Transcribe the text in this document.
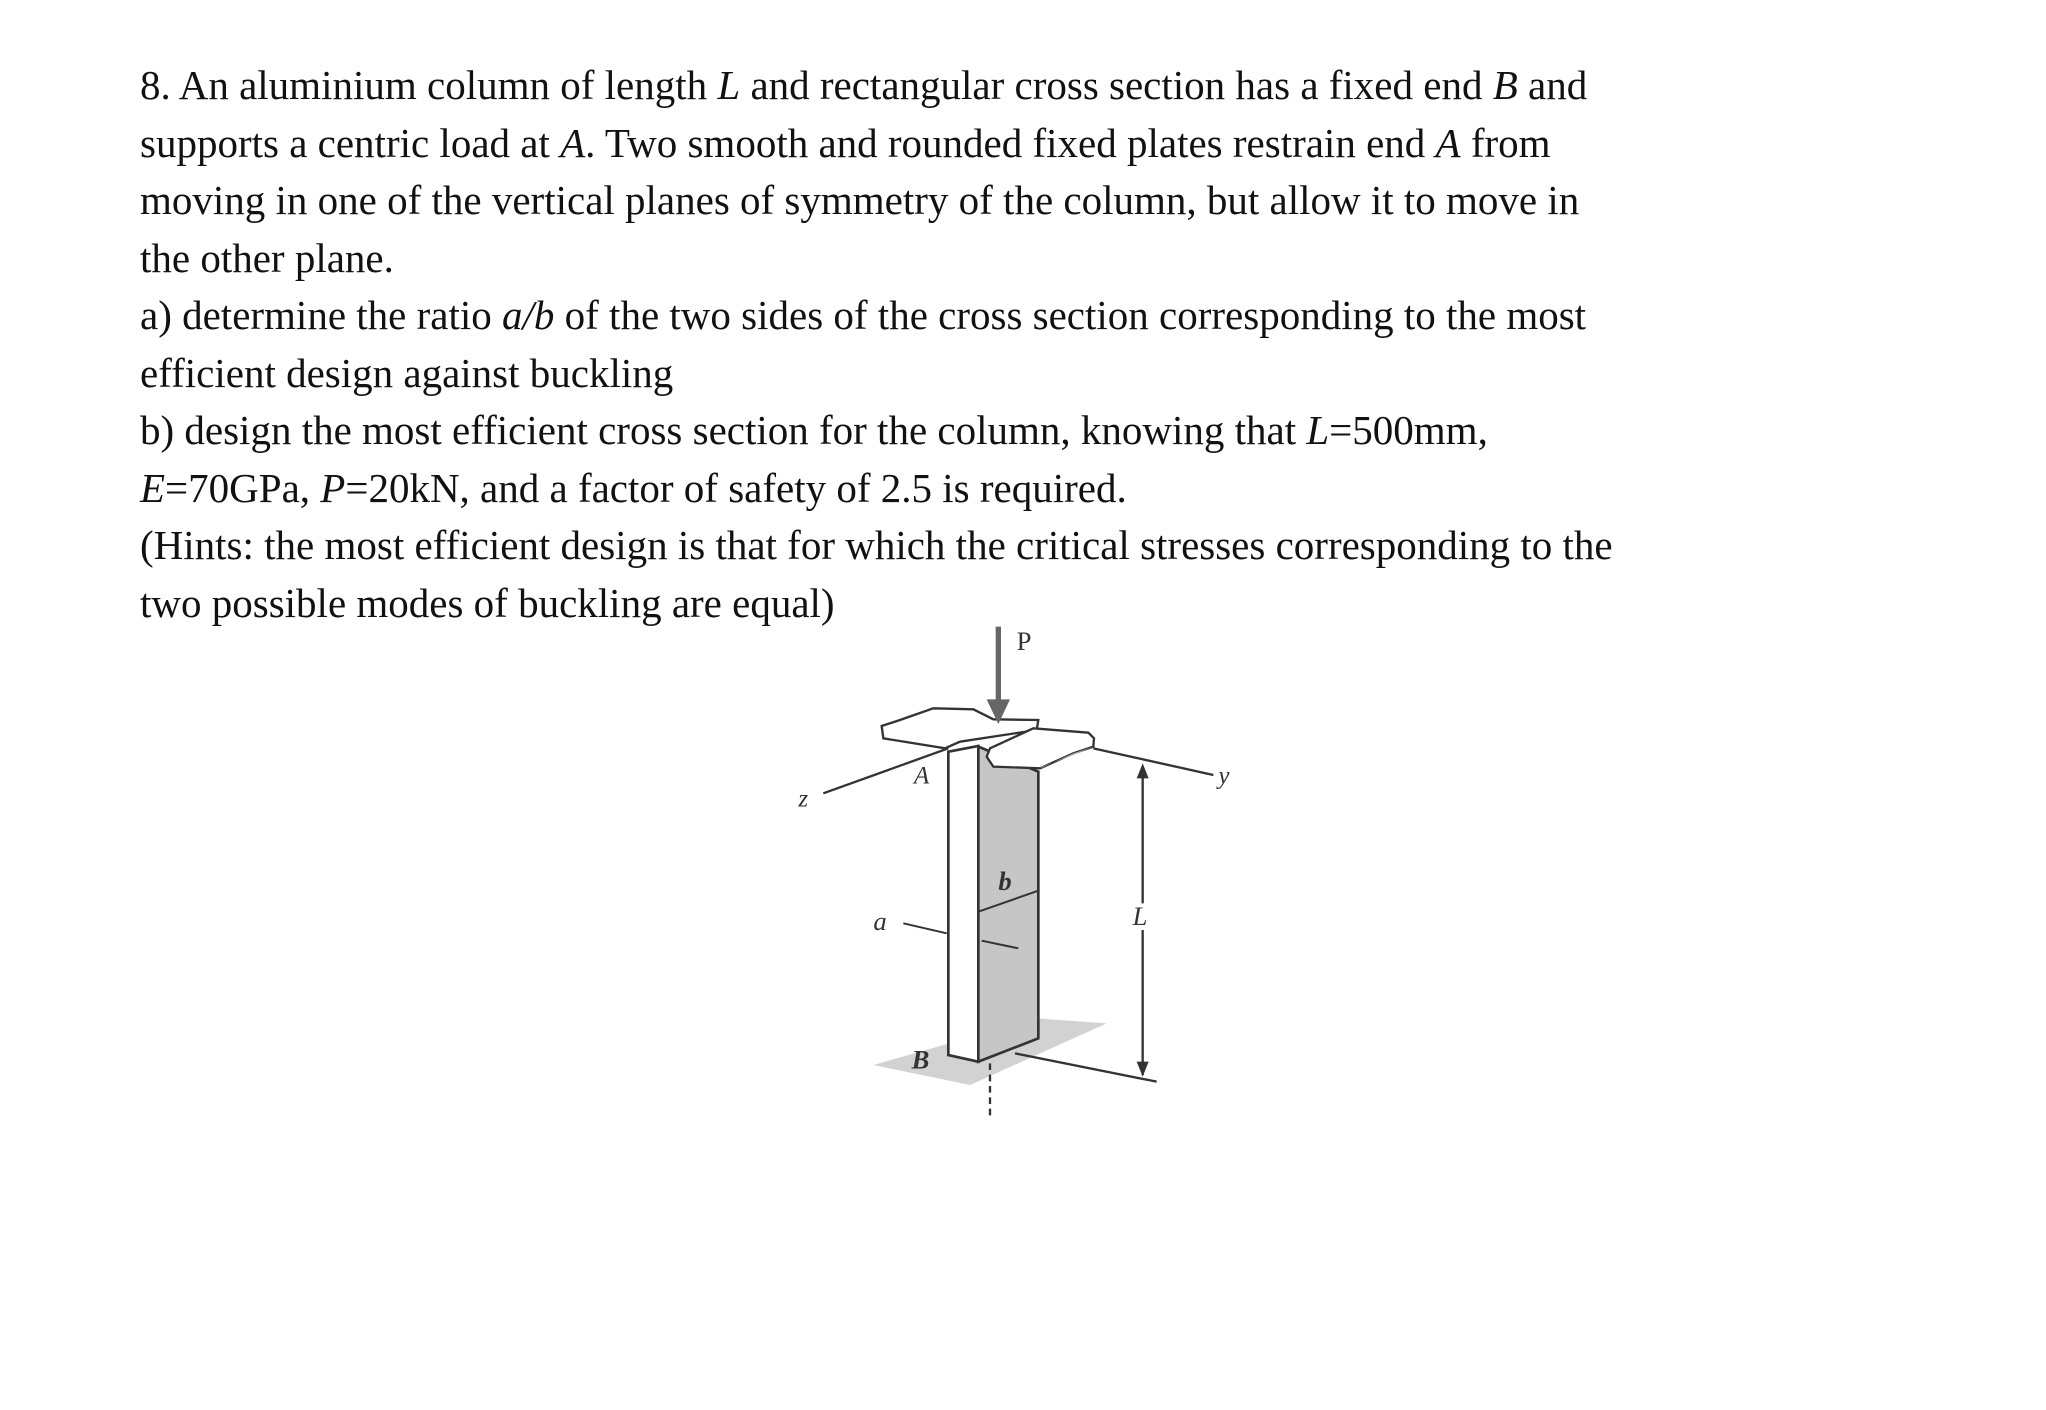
8. An aluminium column of length L and rectangular cross section has a fixed end B and
supports a centric load at A. Two smooth and rounded fixed plates restrain end A from
moving in one of the vertical planes of symmetry of the column, but allow it to move in
the other plane.
a) determine the ratio a/b of the two sides of the cross section corresponding to the most
efficient design against buckling
b) design the most efficient cross section for the column, knowing that L=500mm,
E=70GPa, P=20kN, and a factor of safety of 2.5 is required.
(Hints: the most efficient design is that for which the critical stresses corresponding to the
two possible modes of buckling are equal)
P
A
z
y
b
a	L
B
